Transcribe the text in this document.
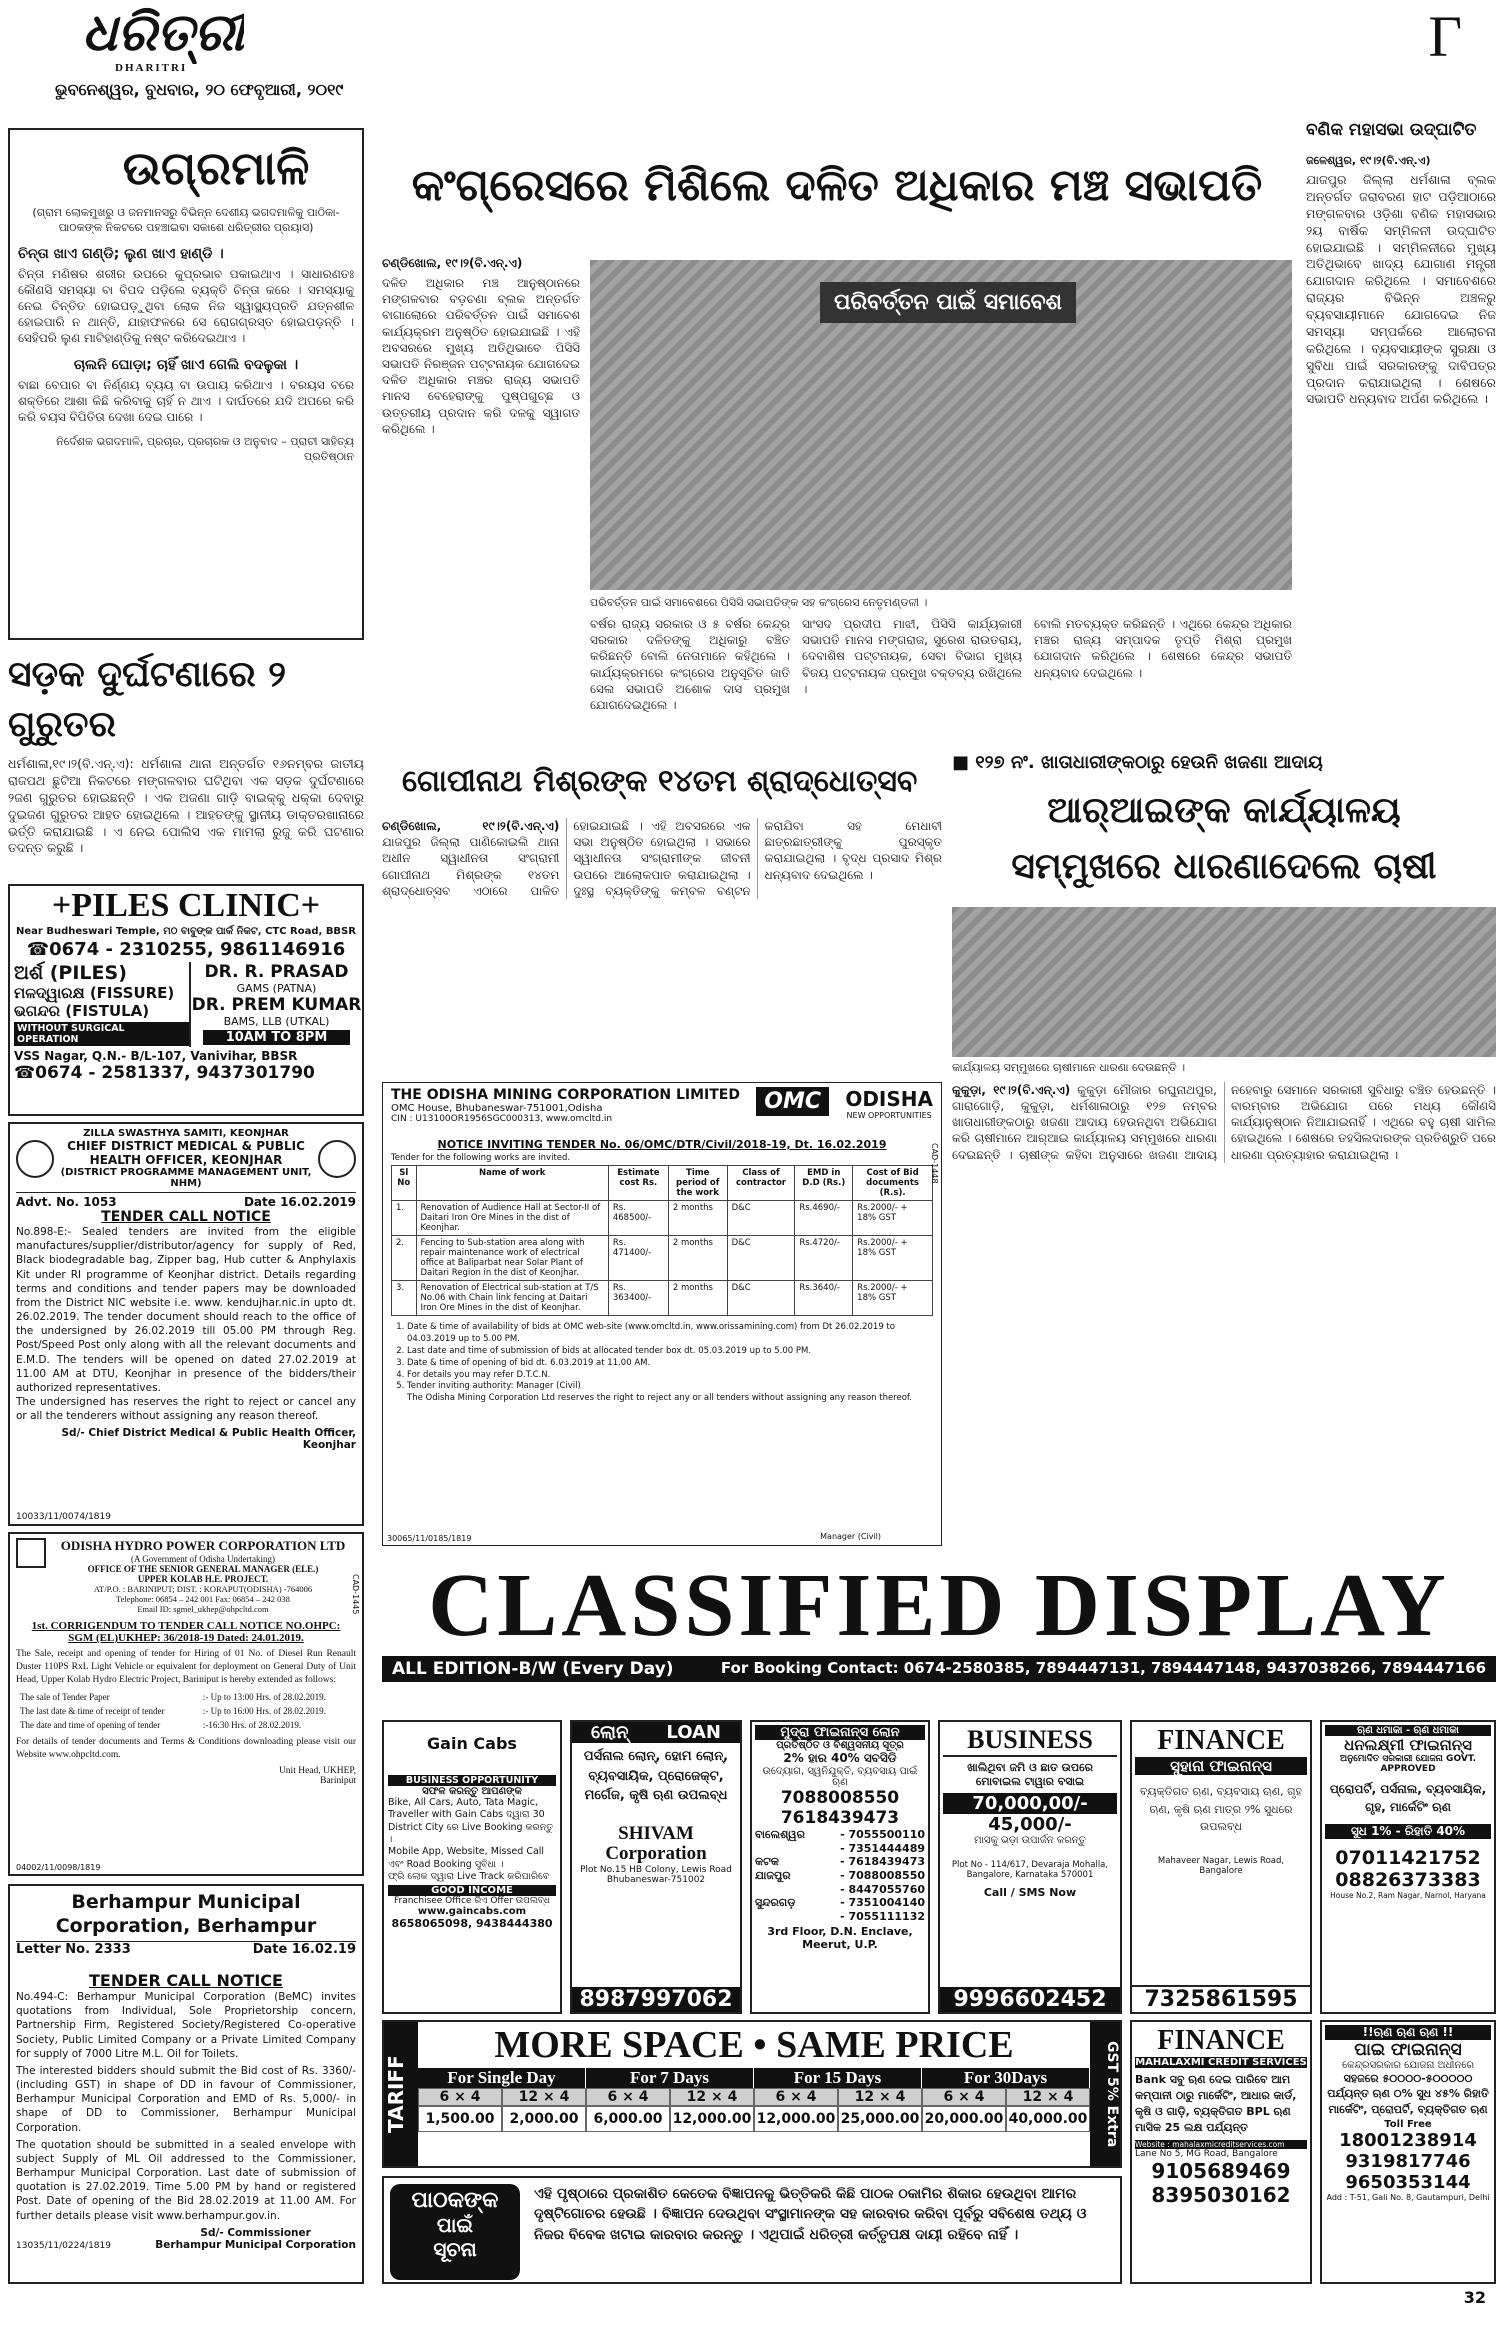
ଧରିତ୍ରୀ
DHARITRI
ଭୁବନେଶ୍ୱର, ବୁଧବାର, ୨୦ ଫେବୃଆରୀ, ୨୦୧୯
Γ
ଉଗ୍ରମାଳି
(ଗ୍ରାମ ଲୋକମୁଖରୁ ଓ ଜନମାନସରୁ ବିଭିନ୍ନ ଦେଶୀୟ ଭଗଦମାଳିକୁ ପାଠିକା-ପାଠକଙ୍କ ନିକଟରେ ପହଞ୍ଚାଇବା ସକାଶେ ଧରିତ୍ରୀର ପ୍ରୟାସ)
ଚିନ୍ତା ଖାଏ ଗଣ୍ଡି; ଲୁଣ ଖାଏ ହାଣ୍ଡି ।
ଚିନ୍ତା ମଣିଷର ଶରୀର ଉପରେ କୁପ୍ରଭାବ ପକାଇଥାଏ । ସାଧାରଣତଃ କୌଣସି ସମସ୍ୟା ବା ବିପଦ ପଡ଼ିଲେ ବ୍ୟକ୍ତି ଚିନ୍ତା କରେ । ସମସ୍ୟାକୁ ନେଇ ଚିନ୍ତିତ ହୋଇପଡ଼ୁଥିବା ଲୋକ ନିଜ ସ୍ୱାସ୍ଥ୍ୟପ୍ରତି ଯତ୍ନଶୀଳ ହୋଇପାରି ନ ଥାନ୍ତି, ଯାହାଫଳରେ ସେ ରୋଗଗ୍ରସ୍ତ ହୋଇପଡ଼ନ୍ତି । ସେହିପରି ଲୁଣ ମାଟିହାଣ୍ଡିକୁ ନଷ୍ଟ କରିଦେଇଥାଏ ।
ଚାଲନି ଘୋଡ଼ା; ଚାହିଁ ଖାଏ ଗେଲି ବଦଳୁକା ।
ବାଛା ବେପାର ବା ନିର୍ଣ୍ଣୟ ବ୍ୟୟ ବା ଉପାୟ କରିଥାଏ । ବରୟସ ବରେ ଶକ୍ତିରେ ଆଶା କିଛି କରିବାକୁ ଚାହିଁ ନ ଥାଏ । ଦାର୍ଘତରେ ଯଦି ଅପରେ କରି କରି ବୟସ ବିପିତିତା ଦେଖା ଦେଇ ପାରେ ।
ନିର୍ଦେଶକ ଭଗଦମାଳି, ପ୍ରଚାର, ପ୍ରଚାରକ ଓ ଅନୁବାଦ – ପ୍ରାଚୀ ସାହିତ୍ୟ ପ୍ରତିଷ୍ଠାନ
ସଡ଼କ ଦୁର୍ଘଟଣାରେ ୨ ଗୁରୁତର
ଧର୍ମଶାଳା,୧୯।୨(ବି.ଏନ୍.ଏ): ଧର୍ମଶାଳା ଥାନା ଅନ୍ତର୍ଗତ ୧୬ନମ୍ବର ଜାତୀୟ ରାଜପଥ ଛୁଟିଆ ନିକଟରେ ମଙ୍ଗଳବାର ଘଟିଥିବା ଏକ ସଡ଼କ ଦୁର୍ଘଟଣାରେ ୨ଜଣ ଗୁରୁତର ହୋଇଛନ୍ତି । ଏକ ଅଜଣା ଗାଡ଼ି ବାଇକ୍‌କୁ ଧକ୍କା ଦେବାରୁ ଦୁଇଜଣ ଗୁରୁତର ଆହତ ହୋଇଥିଲେ । ଆହତଙ୍କୁ ସ୍ଥାନୀୟ ଡାକ୍ତରଖାନାରେ ଭର୍ତ୍ତି କରାଯାଇଛି । ଏ ନେଇ ପୋଲିସ ଏକ ମାମଲା ରୁଜୁ କରି ଘଟଣାର ତଦନ୍ତ କରୁଛି ।
+PILES CLINIC+
Near Budheswari Temple, ମଠ ବାବୁଙ୍କ ପାର୍କ ନିକଟ, CTC Road, BBSR
☎0674 - 2310255, 9861146916
ଅର୍ଶ (PILES)
ମଳଦ୍ୱାରକ୍ଷ (FISSURE)
ଭଗନ୍ଦର (FISTULA)
WITHOUT SURGICAL OPERATION
DR. R. PRASAD
GAMS (PATNA)
DR. PREM KUMAR
BAMS, LLB (UTKAL)
10AM TO 8PM
VSS Nagar, Q.N.- B/L-107, Vanivihar, BBSR
☎0674 - 2581337, 9437301790
ZILLA SWASTHYA SAMITI, KEONJHAR
CHIEF DISTRICT MEDICAL & PUBLIC HEALTH OFFICER, KEONJHAR
(DISTRICT PROGRAMME MANAGEMENT UNIT, NHM)
Advt. No. 1053	Date 16.02.2019
TENDER CALL NOTICE
No.898-E:- Sealed tenders are invited from the eligible manufactures/supplier/distributor/agency for supply of Red, Black biodegradable bag, Zipper bag, Hub cutter & Anphylaxis Kit under RI programme of Keonjhar district. Details regarding terms and conditions and tender papers may be downloaded from the District NIC website i.e. www. kendujhar.nic.in upto dt. 26.02.2019. The tender document should reach to the office of the undersigned by 26.02.2019 till 05.00 PM through Reg. Post/Speed Post only along with all the relevant documents and E.M.D. The tenders will be opened on dated 27.02.2019 at 11.00 AM at DTU, Keonjhar in presence of the bidders/their authorized representatives.
The undersigned has reserves the right to reject or cancel any or all the tenderers without assigning any reason thereof.
Sd/- Chief District Medical & Public Health Officer, Keonjhar
10033/11/0074/1819
ODISHA HYDRO POWER CORPORATION LTD
(A Government of Odisha Undertaking)
OFFICE OF THE SENIOR GENERAL MANAGER (ELE.)
UPPER KOLAB H.E. PROJECT.
AT/P.O. : BARINIPUT; DIST. : KORAPUT(ODISHA) -764006
Telephone: 06854 – 242 001 Fax: 06854 – 242 038
Email ID: sgmel_ukhep@ohpcltd.com
1st. CORRIGENDUM TO TENDER CALL NOTICE NO.OHPC:
SGM (EL)UKHEP: 36/2018-19 Dated: 24.01.2019.
The Sale, receipt and opening of tender for Hiring of 01 No. of Diesel Run Renault Duster 110PS RxL Light Vehicle or equivalent for deployment on General Duty of Unit Head, Upper Kolab Hydro Electric Project, Bariniput is hereby extended as follows:
The sale of Tender Paper	:- Up to 13:00 Hrs. of 28.02.2019.
The last date & time of receipt of tender	:- Up to 16:00 Hrs. of 28.02.2019.
The date and time of opening of tender	:-16:30 Hrs. of 28.02.2019.
For details of tender documents and Terms & Conditions downloading please visit our Website www.ohpcltd.com.
Unit Head, UKHEP, Bariniput
04002/11/0098/1819
CAD-1445
Berhampur Municipal Corporation, Berhampur
Letter No. 2333	Date 16.02.19
TENDER CALL NOTICE
No.494-C: Berhampur Municipal Corporation (BeMC) invites quotations from Individual, Sole Proprietorship concern, Partnership Firm, Registered Society/Registered Co-operative Society, Public Limited Company or a Private Limited Company for supply of 7000 Litre M.L. Oil for Toilets.
The interested bidders should submit the Bid cost of Rs. 3360/- (including GST) in shape of DD in favour of Commissioner, Berhampur Municipal Corporation and EMD of Rs. 5,000/- in shape of DD to Commissioner, Berhampur Municipal Corporation.
The quotation should be submitted in a sealed envelope with subject Supply of ML Oil addressed to the Commissioner, Berhampur Municipal Corporation. Last date of submission of quotation is 27.02.2019. Time 5.00 PM by hand or registered Post. Date of opening of the Bid 28.02.2019 at 11.00 AM. For further details please visit www.berhampur.gov.in.
13035/11/0224/1819
Sd/- Commissioner
Berhampur Municipal Corporation
କଂଗ୍ରେସରେ ମିଶିଲେ ଦଳିତ ଅଧିକାର ମଞ୍ଚ ସଭାପତି
ଚଣ୍ଡିଖୋଲ, ୧୯।୨(ବି.ଏନ୍.ଏ)
ଦଳିତ ଅଧିକାର ମଞ୍ଚ ଆନୁଷ୍ଠାନରେ ମଙ୍ଗଳବାର ବଡ଼ଚଣା ବ୍ଲକ ଅନ୍ତର୍ଗତ ବାଗାଲୋରେ ପରିବର୍ତ୍ତନ ପାଇଁ ସମାବେଶ କାର୍ଯ୍ୟକ୍ରମ ଅନୁଷ୍ଠିତ ହୋଇଯାଇଛି । ଏହି ଅବସରରେ ମୁଖ୍ୟ ଅତିଥିଭାବେ ପିସିସି ସଭାପତି ନିରଞ୍ଜନ ପଟ୍ଟନାୟକ ଯୋଗଦେଇ ଦଳିତ ଅଧିକାର ମଞ୍ଚର ରାଜ୍ୟ ସଭାପତି ମାନସ ବେହେରାଙ୍କୁ ପୁଷ୍ପଗୁଚ୍ଛ ଓ ଉତ୍ତରୀୟ ପ୍ରଦାନ କରି ଦଳକୁ ସ୍ୱାଗତ କରିଥିଲେ ।
ପରିବର୍ତ୍ତନ ପାଇଁ ସମାବେଶ
ପରିବର୍ତ୍ତନ ପାଇଁ ସମାବେଶରେ ପିସିସି ସଭାପତିଙ୍କ ସହ କଂଗ୍ରେସ ନେତୃମଣ୍ଡଳୀ ।
ବର୍ଷର ରାଜ୍ୟ ସରକାର ଓ ୫ ବର୍ଷର କେନ୍ଦ୍ର ସରକାର ଦଳିତଙ୍କୁ ଅଧିକାରୁ ବଞ୍ଚିତ କରିଛନ୍ତି ବୋଲି ନେତାମାନେ କହିଥିଲେ । କାର୍ଯ୍ୟକ୍ରମରେ କଂଗ୍ରେସ ଅନୁସୂଚିତ ଜାତି ସେଲ ସଭାପତି ଅଶୋକ ଦାସ ପ୍ରମୁଖ ଯୋଗଦେଇଥିଲେ ।
ସାଂସଦ ପ୍ରଦୀପ ମାଝୀ, ପିସିସି କାର୍ଯ୍ୟକାରୀ ସଭାପତି ମାନସ ମଙ୍ଗରାଜ, ସୁରେଶ ରାଉତରାୟ, ଦେବାଶିଷ ପଟ୍ଟନାୟକ, ସେବା ବିଭାଗ ମୁଖ୍ୟ ବିଜୟ ପଟ୍ଟନାୟକ ପ୍ରମୁଖ ବକ୍ତବ୍ୟ ରଖିଥିଲେ ।
ବୋଲି ମତବ୍ୟକ୍ତ କରିଛନ୍ତି । ଏଥିରେ କେନ୍ଦ୍ର ଅଧିକାର ମଞ୍ଚର ରାଜ୍ୟ ସମ୍ପାଦକ ତୃପ୍ତି ମିଶ୍ରା ପ୍ରମୁଖ ଯୋଗଦାନ କରିଥିଲେ । ଶେଷରେ କେନ୍ଦ୍ର ସଭାପତି ଧନ୍ୟବାଦ ଦେଇଥିଲେ ।
ବଣିକ ମହାସଭା ଉଦ୍‌ଘାଟିତ
ଜଳେଶ୍ୱର, ୧୯।୨(ବି.ଏନ୍.ଏ)
ଯାଜପୁର ଜିଲ୍ଲା ଧର୍ମଶାଳା ବ୍ଲକ ଅନ୍ତର୍ଗତ ଜରାବରଣ ହାଟ ପଡ଼ିଆଠାରେ ମଙ୍ଗଳବାର ଓଡ଼ିଶା ବଣିକ ମହାସଭାର ୨ୟ ବାର୍ଷିକ ସମ୍ମିଳନୀ ଉଦ୍‌ଘାଟିତ ହୋଇଯାଇଛି । ସମ୍ମିଳନୀରେ ମୁଖ୍ୟ ଅତିଥିଭାବେ ଖାଦ୍ୟ ଯୋଗାଣ ମନ୍ତ୍ରୀ ଯୋଗଦାନ କରିଥିଲେ । ସମାବେଶରେ ରାଜ୍ୟର ବିଭିନ୍ନ ଅଞ୍ଚଳରୁ ବ୍ୟବସାୟୀମାନେ ଯୋଗଦେଇ ନିଜ ସମସ୍ୟା ସମ୍ପର୍କରେ ଆଲୋଚନା କରିଥିଲେ । ବ୍ୟବସାୟୀଙ୍କ ସୁରକ୍ଷା ଓ ସୁବିଧା ପାଇଁ ସରକାରଙ୍କୁ ଦାବିପତ୍ର ପ୍ରଦାନ କରାଯାଇଥିଲା । ଶେଷରେ ସଭାପତି ଧନ୍ୟବାଦ ଅର୍ପଣ କରିଥିଲେ ।
ଗୋପୀନାଥ ମିଶ୍ରଙ୍କ ୧୪ତମ ଶ୍ରାଦ୍ଧୋତ୍ସବ
ଚଣ୍ଡିଖୋଲ, ୧୯।୨(ବି.ଏନ୍.ଏ) ଯାଜପୁର ଜିଲ୍ଲା ପାଣିକୋଇଲି ଥାନା ଅଧୀନ ସ୍ୱାଧୀନତା ସଂଗ୍ରାମୀ ଗୋପୀନାଥ ମିଶ୍ରଙ୍କ ୧୪ତମ ଶ୍ରାଦ୍ଧୋତ୍ସବ ଏଠାରେ ପାଳିତ ହୋଇଯାଇଛି । ଏହି ଅବସରରେ ଏକ ସଭା ଅନୁଷ୍ଠିତ ହୋଇଥିଲା । ସଭାରେ ସ୍ୱାଧୀନତା ସଂଗ୍ରାମୀଙ୍କ ଜୀବନୀ ଉପରେ ଆଲୋକପାତ କରାଯାଇଥିଲା । ଦୁଃସ୍ଥ ବ୍ୟକ୍ତିଙ୍କୁ କମ୍ବଳ ବଣ୍ଟନ କରାଯିବା ସହ ମେଧାବୀ ଛାତ୍ରଛାତ୍ରୀଙ୍କୁ ପୁରସ୍କୃତ କରାଯାଇଥିଲା । ବୃଦ୍ଧ ପ୍ରସାଦ ମିଶ୍ର ଧନ୍ୟବାଦ ଦେଇଥିଲେ ।
THE ODISHA MINING CORPORATION LIMITED
OMC House, Bhubaneswar-751001,Odisha
CIN : U13100OR1956SGC000313, www.omcltd.in
OMC	ODISHA
NEW OPPORTUNITIES
NOTICE INVITING TENDER No. 06/OMC/DTR/Civil/2018-19, Dt. 16.02.2019
Tender for the following works are invited.
Sl No	Name of work	Estimate cost Rs.	Time period of the work	Class of contractor	EMD in D.D (Rs.)	Cost of Bid documents (R.s).
1.	Renovation of Audience Hall at Sector-II of Daitari Iron Ore Mines in the dist of Keonjhar.	Rs. 468500/-	2 months	D&C	Rs.4690/-	Rs.2000/- + 18% GST
2.	Fencing to Sub-station area along with repair maintenance work of electrical office at Baliparbat near Solar Plant of Daitari Region in the dist of Keonjhar.	Rs. 471400/-	2 months	D&C	Rs.4720/-	Rs.2000/- + 18% GST
3.	Renovation of Electrical sub-station at T/S No.06 with Chain link fencing at Daitari Iron Ore Mines in the dist of Keonjhar.	Rs. 363400/-	2 months	D&C	Rs.3640/-	Rs.2000/- + 18% GST
1. Date & time of availability of bids at OMC web-site (www.omcltd.in, www.orissamining.com) from Dt 26.02.2019 to 04.03.2019 up to 5.00 PM.
2. Last date and time of submission of bids at allocated tender box dt. 05.03.2019 up to 5.00 PM.
3. Date & time of opening of bid dt. 6.03.2019 at 11.00 AM.
4. For details you may refer D.T.C.N.
5. Tender inviting authority: Manager (Civil)
The Odisha Mining Corporation Ltd reserves the right to reject any or all tenders without assigning any reason thereof.
30065/11/0185/1819	Manager (Civil)
CAD-1448
■ ୧୨୭ ନଂ. ଖାତାଧାରୀଙ୍କଠାରୁ ହେଉନି ଖଜଣା ଆଦାୟ
ଆର୍‌ଆଇଙ୍କ କାର୍ଯ୍ୟାଳୟ
ସମ୍ମୁଖରେ ଧାରଣାଦେଲେ ଚାଷୀ
କାର୍ଯ୍ୟାଳୟ ସମ୍ମୁଖରେ ଚାଷୀମାନେ ଧାରଣା ଦେଉଛନ୍ତି ।
କୁକୁଡ଼ା, ୧୯।୨(ବି.ଏନ୍.ଏ) କୁକୁଡ଼ା ମୌଜାର ରଘୁନାଥପୁର, ଗାରାଗୋଡ଼ି, କୁକୁଡ଼ା, ଧର୍ମଶାଳାଠାରୁ ୧୨୭ ନମ୍ବର ଖାତାଧାରୀଙ୍କଠାରୁ ଖଜଣା ଆଦାୟ ହେଉନଥିବା ଅଭିଯୋଗ କରି ଚାଷୀମାନେ ଆର୍‌ଆଇ କାର୍ଯ୍ୟାଳୟ ସମ୍ମୁଖରେ ଧାରଣା ଦେଇଛନ୍ତି । ଚାଷୀଙ୍କ କହିବା ଅନୁସାରେ ଖଜଣା ଆଦାୟ ନହେବାରୁ ସେମାନେ ସରକାରୀ ସୁବିଧାରୁ ବଞ୍ଚିତ ହେଉଛନ୍ତି । ବାରମ୍ବାର ଅଭିଯୋଗ ପରେ ମଧ୍ୟ କୌଣସି କାର୍ଯ୍ୟାନୁଷ୍ଠାନ ନିଆଯାଇନାହିଁ । ଏଥିରେ ବହୁ ଚାଷୀ ସାମିଲ ହୋଇଥିଲେ । ଶେଷରେ ତହସିଲଦାରଙ୍କ ପ୍ରତିଶ୍ରୁତି ପରେ ଧାରଣା ପ୍ରତ୍ୟାହାର କରାଯାଇଥିଲା ।
CLASSIFIED DISPLAY
ALL EDITION-B/W (Every Day)	For Booking Contact: 0674-2580385, 7894447131, 7894447148, 9437038266, 7894447166
Gain Cabs
BUSINESS OPPORTUNITY
ସଫଳ କରନ୍ତୁ ଆପଣଙ୍କ
Bike, All Cars, Auto, Tata Magic, Traveller with Gain Cabs ଦ୍ୱାରା 30 District City ରେ Live Booking କରନ୍ତୁ ।
Mobile App, Website, Missed Call ଏବଂ Road Booking ସୁବିଧା ।
ଫ୍ରି ଲୋକ ଦ୍ୱାରା Live Track କରିପାରିବେ
GOOD INCOME
Franchisee Office ରିଏ Offer ଉପଲବ୍ଧ
www.gaincabs.com
8658065098, 9438444380
ଲୋନ୍ LOAN
ପର୍ସନାଲ ଲୋନ୍, ହୋମ ଲୋନ୍, ବ୍ୟବସାୟିକ, ପ୍ରୋଜେକ୍ଟ, ମର୍ଗେଜ, କୃଷି ଋଣ ଉପଲବ୍ଧ
SHIVAM Corporation
Plot No.15 HB Colony, Lewis Road Bhubaneswar-751002
8987997062
ମୁଦ୍ରା ଫାଇନାନ୍ସ ଲୋନ
ପ୍ରତିଷ୍ଠିତ ଓ ବିଶ୍ୱସନୀୟ ସୂତ୍ର
2% ହାର 40% ସବସିଡି
ଉଦ୍ୟୋଗ, ସ୍ୱନିଯୁକ୍ତି, ବ୍ୟବସାୟ ପାଇଁ ଋଣ
7088008550
7618439473
ବାଲେଶ୍ୱର	- 7055500110
- 7351444489
କଟକ	- 7618439473
ଯାଜପୁର	- 7088008550
- 8447055760
ସୁନ୍ଦରଗଡ଼	- 7351004140
- 7055111132
3rd Floor, D.N. Enclave, Meerut, U.P.
BUSINESS
ଖାଲିଥିବା ଜମି ଓ ଛାତ ଉପରେ ମୋବାଇଲ ଟାୱାର ବସାଇ
70,000,00/-
45,000/-
ମାସକୁ ଭଡ଼ା ଉପାର୍ଜନ କରନ୍ତୁ
Plot No - 114/617, Devaraja Mohalla, Bangalore, Karnataka 570001
Call / SMS Now
9996602452
FINANCE
ସୁହାନା ଫାଇନାନ୍ସ
ବ୍ୟକ୍ତିଗତ ଋଣ, ବ୍ୟବସାୟ ଋଣ, ଗୃହ ଋଣ, କୃଷି ଋଣ ମାତ୍ର ୨% ସୁଧରେ ଉପଲବ୍ଧ
Mahaveer Nagar, Lewis Road, Bangalore
7325861595
ଋଣ ଧମାକା - ଋଣ ଧମାକା
ଧନଲକ୍ଷ୍ମୀ ଫାଇନାନ୍ସ
ଅନୁମୋଦିତ ସରକାରୀ ଯୋଜନା GOVT. APPROVED
ପ୍ରୋପର୍ଟି, ପର୍ସନାଲ, ବ୍ୟବସାୟିକ, ଗୃହ, ମାର୍କେଟିଂ ଋଣ
ସୁଧ 1% - ରିହାତି 40%
07011421752
08826373383
House No.2, Ram Nagar, Narnol, Haryana
TARIFF	GST 5% Extra
MORE SPACE • SAME PRICE
For Single Day	For 7 Days	For 15 Days	For 30Days
6 × 4	12 × 4	6 × 4	12 × 4	6 × 4	12 × 4	6 × 4	12 × 4
1,500.00	2,000.00	6,000.00 12,000.00 12,000.00 25,000.00 20,000.00 40,000.00
ପାଠକଙ୍କ
ପାଇଁ
ସୂଚନା
ଏହି ପୃଷ୍ଠାରେ ପ୍ରକାଶିତ କେତେକ ବିଜ୍ଞାପନକୁ ଭିତ୍ତିକରି କିଛି ପାଠକ ଠକାମିର ଶିକାର ହେଉଥିବା ଆମର ଦୃଷ୍ଟିଗୋଚର ହେଉଛି । ବିଜ୍ଞାପନ ଦେଉଥିବା ସଂସ୍ଥାମାନଙ୍କ ସହ କାରବାର କରିବା ପୂର୍ବରୁ ସବିଶେଷ ତଥ୍ୟ ଓ ନିଜର ବିବେକ ଖଟାଇ କାରବାର କରନ୍ତୁ । ଏଥିପାଇଁ ଧରିତ୍ରୀ କର୍ତ୍ତୃପକ୍ଷ ଦାୟୀ ରହିବେ ନାହିଁ ।
FINANCE
MAHALAXMI CREDIT SERVICES
Bank ସବୁ ଋଣ ଦେଇ ପାରିବେ ଆମ କମ୍ପାନୀ ଠାରୁ ମାର୍କେଟିଂ, ଆଧାର କାର୍ଡ, କୃଷି ଓ ଗାଡ଼ି, ବ୍ୟକ୍ତିଗତ BPL ଋଣ ମାସିକ 25 ଲକ୍ଷ ପର୍ଯ୍ୟନ୍ତ
Website : mahalaxmicreditservices.com
Lane No 5, MG Road, Bangalore
9105689469
8395030162
!!ଋଣ ଋଣ ଋଣ !!
ପାଇ ଫାଇନାନ୍ସ
କେନ୍ଦ୍ରସରକାର ଯୋଜନା ଅଧୀନରେ
ସହଜରେ ୫୦୦୦୦-୫୦୦୦୦୦ ପର୍ଯ୍ୟନ୍ତ ଋଣ ୦% ସୁଧ ୪୫% ରିହାତି ମାର୍କେଟିଂ, ପ୍ରୋପର୍ଟି, ବ୍ୟକ୍ତିଗତ ଋଣ
Toll Free
18001238914
9319817746
9650353144
Add : T-51, Gali No. 8, Gautampuri, Delhi
32
